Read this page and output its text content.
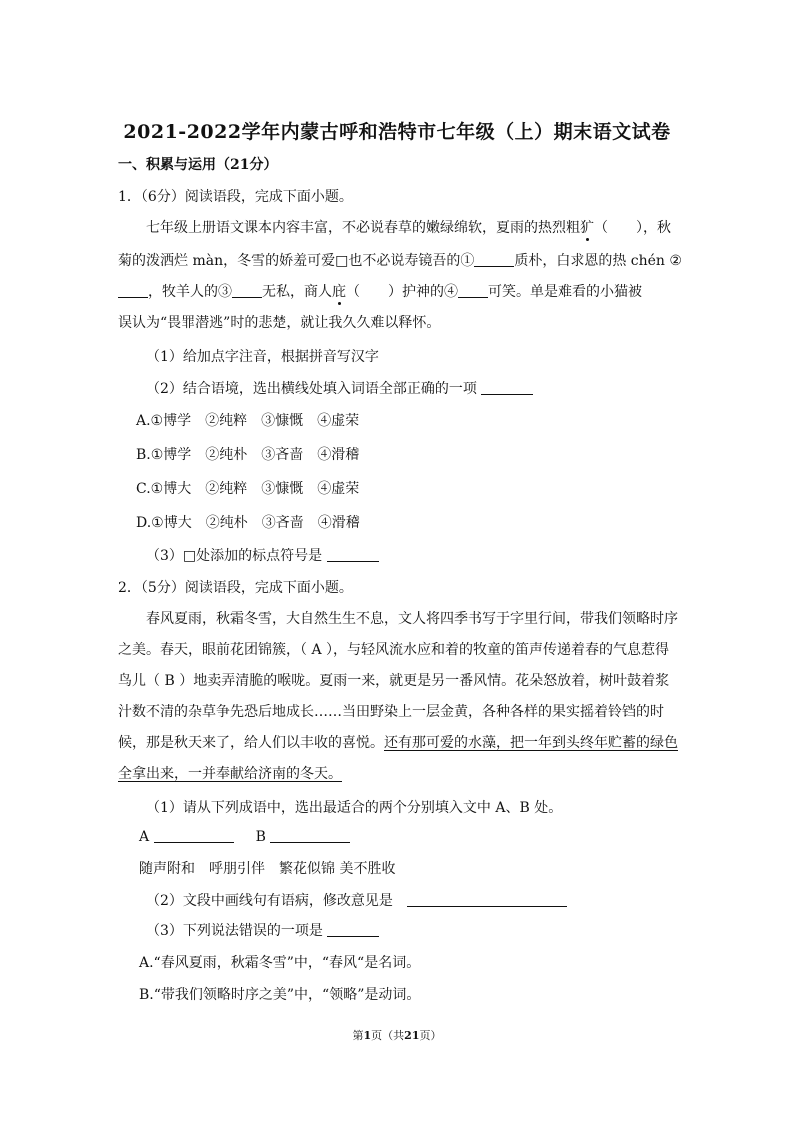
2021-2022学年内蒙古呼和浩特市七年级（上）期末语文试卷
一、积累与运用（21分）
1．（6分）阅读语段，完成下面小题。
七年级上册语文课本内容丰富，不必说春草的嫩绿绵软，夏雨的热烈粗犷（　　），秋
菊的泼洒烂 màn，冬雪的娇羞可爱□也不必说寿镜吾的①	质朴，白求恩的热 chén ②
，牧羊人的③ 无私，商人庇（　　）护神的④ 可笑。单是难看的小猫被
误认为“畏罪潜逃”时的悲楚，就让我久久难以释怀。
（1）给加点字注音，根据拼音写汉字
（2）结合语境，选出横线处填入词语全部正确的一项
A.①博学 ②纯粹 ③慷慨 ④虚荣
B.①博学 ②纯朴 ③吝啬 ④滑稽
C.①博大 ②纯粹 ③慷慨 ④虚荣
D.①博大 ②纯朴 ③吝啬 ④滑稽
（3）□处添加的标点符号是
2．（5分）阅读语段，完成下面小题。
春风夏雨，秋霜冬雪，大自然生生不息，文人将四季书写于字里行间，带我们领略时序
之美。春天，眼前花团锦簇，（ A ），与轻风流水应和着的牧童的笛声传递着春的气息惹得
鸟儿（ B ）地卖弄清脆的喉咙。夏雨一来，就更是另一番风情。花朵怒放着，树叶鼓着浆
汁数不清的杂草争先恐后地成长……当田野染上一层金黄，各种各样的果实摇着铃铛的时
候，那是秋天来了，给人们以丰收的喜悦。还有那可爱的水藻，把一年到头终年贮蓄的绿色
全拿出来，一并奉献给济南的冬天。
（1）请从下列成语中，选出最适合的两个分别填入文中 A、B 处。
A	B
随声附和 呼朋引伴 繁花似锦 美不胜收
（2）文段中画线句有语病，修改意见是
（3）下列说法错误的一项是
A.“春风夏雨，秋霜冬雪”中，“春风“是名词。
B.“带我们领略时序之美”中，“领略”是动词。
第1页（共21页）
